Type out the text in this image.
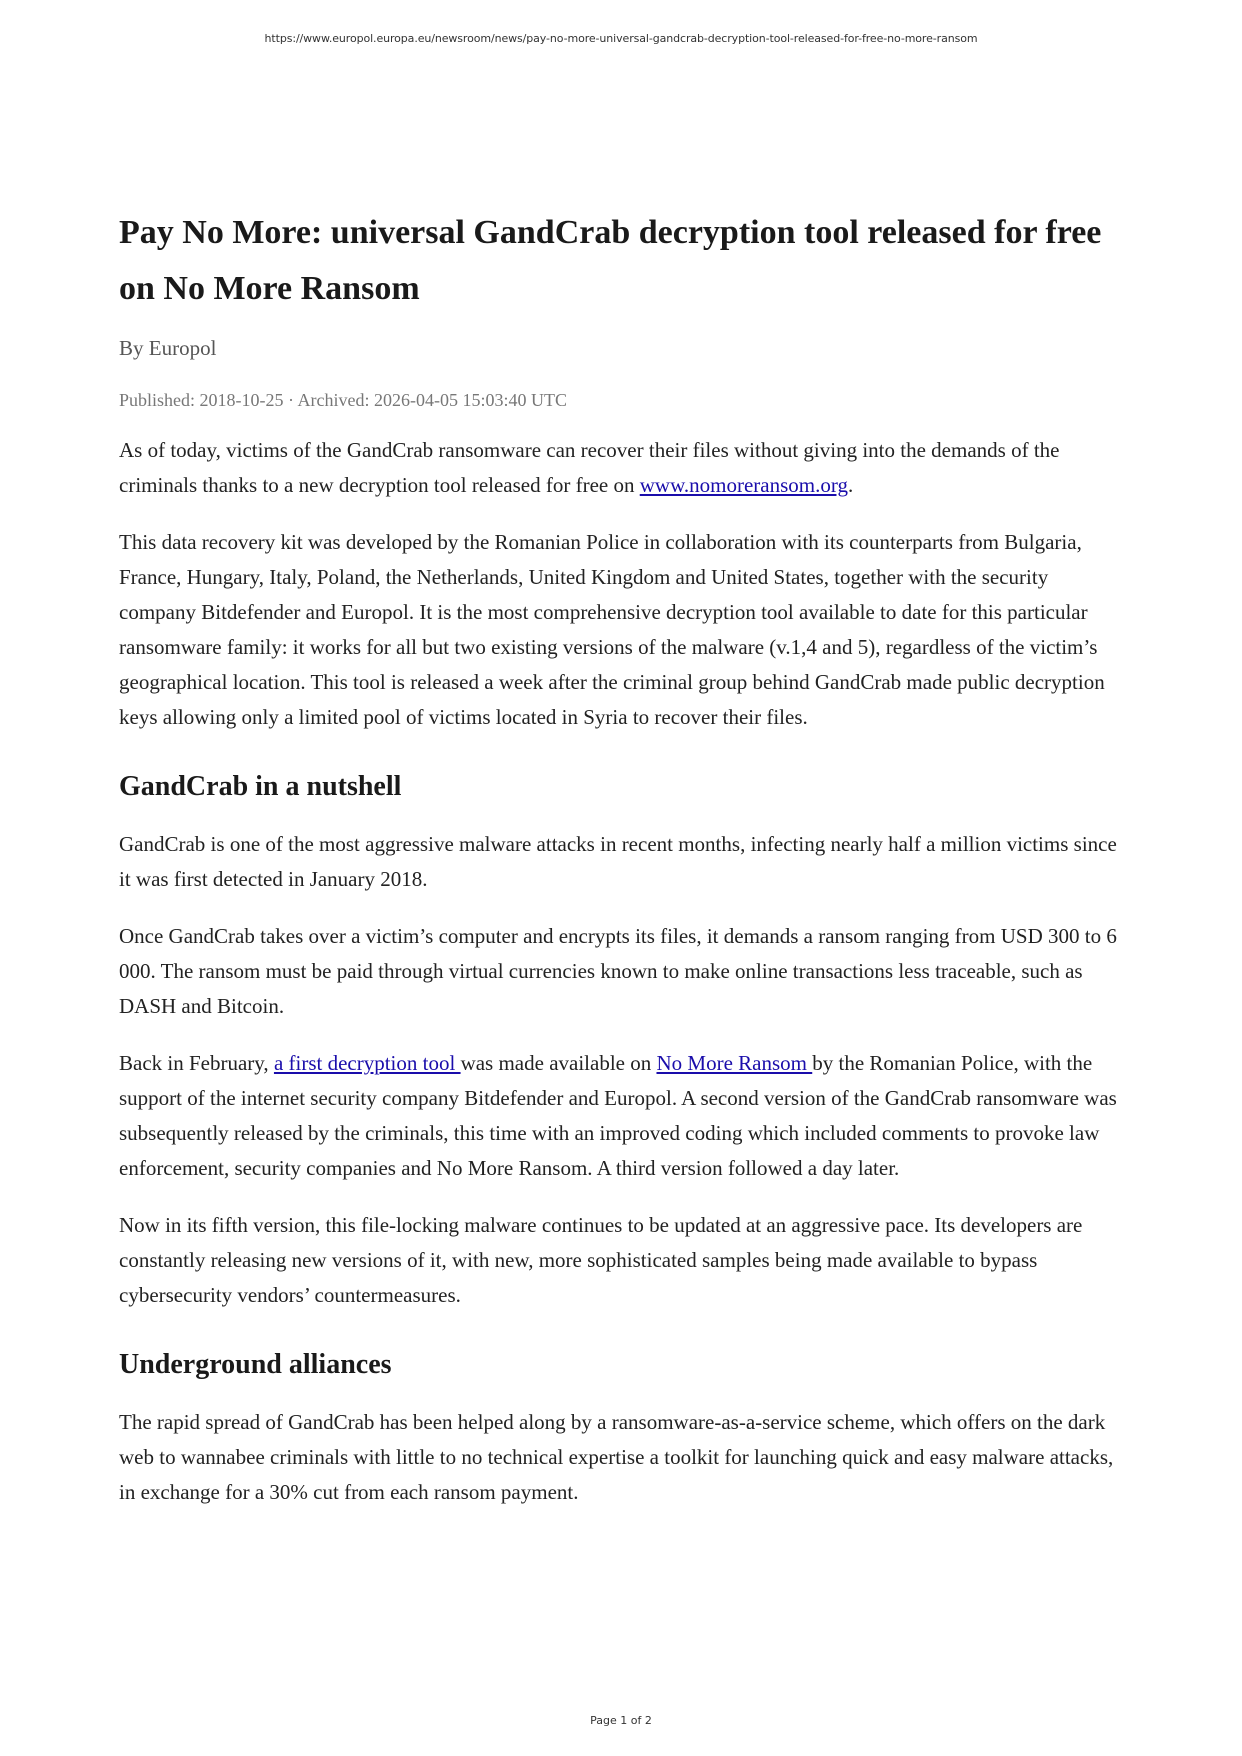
https://www.europol.europa.eu/newsroom/news/pay-no-more-universal-gandcrab-decryption-tool-released-for-free-no-more-ransom
Pay No More: universal GandCrab decryption tool released for free on No More Ransom
By Europol
Published: 2018-10-25 · Archived: 2026-04-05 15:03:40 UTC

As of today, victims of the GandCrab ransomware can recover their files without giving into the demands of the criminals thanks to a new decryption tool released for free on www.nomoreransom.org.

This data recovery kit was developed by the Romanian Police in collaboration with its counterparts from Bulgaria, France, Hungary, Italy, Poland, the Netherlands, United Kingdom and United States, together with the security company Bitdefender and Europol. It is the most comprehensive decryption tool available to date for this particular ransomware family: it works for all but two existing versions of the malware (v.1,4 and 5), regardless of the victim’s geographical location. This tool is released a week after the criminal group behind GandCrab made public decryption keys allowing only a limited pool of victims located in Syria to recover their files.

GandCrab in a nutshell

GandCrab is one of the most aggressive malware attacks in recent months, infecting nearly half a million victims since it was first detected in January 2018.

Once GandCrab takes over a victim’s computer and encrypts its files, it demands a ransom ranging from USD 300 to 6 000. The ransom must be paid through virtual currencies known to make online transactions less traceable, such as DASH and Bitcoin.

Back in February, a first decryption tool was made available on No More Ransom by the Romanian Police, with the support of the internet security company Bitdefender and Europol. A second version of the GandCrab ransomware was subsequently released by the criminals, this time with an improved coding which included comments to provoke law enforcement, security companies and No More Ransom. A third version followed a day later.

Now in its fifth version, this file-locking malware continues to be updated at an aggressive pace. Its developers are constantly releasing new versions of it, with new, more sophisticated samples being made available to bypass cybersecurity vendors’ countermeasures.

Underground alliances

The rapid spread of GandCrab has been helped along by a ransomware-as-a-service scheme, which offers on the dark web to wannabee criminals with little to no technical expertise a toolkit for launching quick and easy malware attacks, in exchange for a 30% cut from each ransom payment.

Page 1 of 2
